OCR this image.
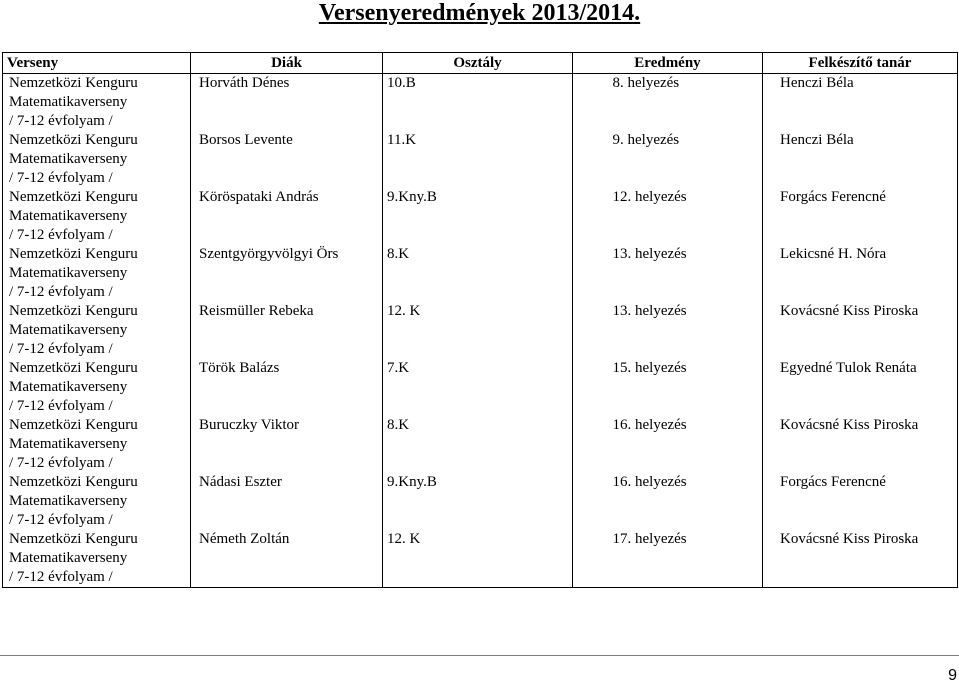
Versenyeredmények 2013/2014.
Verseny	Diák	Osztály	Eredmény	Felkészítő tanár

Nemzetközi Kenguru
Matematikaverseny
/ 7-12 évfolyam /	Horváth Dénes	10.B	8. helyezés	Henczi Béla

Nemzetközi Kenguru
Matematikaverseny
/ 7-12 évfolyam /	Borsos Levente	11.K	9. helyezés	Henczi Béla

Nemzetközi Kenguru
Matematikaverseny
/ 7-12 évfolyam /	Köröspataki András	9.Kny.B	12. helyezés	Forgács Ferencné

Nemzetközi Kenguru
Matematikaverseny
/ 7-12 évfolyam /	Szentgyörgyvölgyi Örs	8.K	13. helyezés	Lekicsné H. Nóra

Nemzetközi Kenguru
Matematikaverseny
/ 7-12 évfolyam /	Reismüller Rebeka	12. K	13. helyezés	Kovácsné Kiss Piroska

Nemzetközi Kenguru
Matematikaverseny
/ 7-12 évfolyam /	Török Balázs	7.K	15. helyezés	Egyedné Tulok Renáta

Nemzetközi Kenguru
Matematikaverseny
/ 7-12 évfolyam /	Buruczky Viktor	8.K	16. helyezés	Kovácsné Kiss Piroska

Nemzetközi Kenguru
Matematikaverseny
/ 7-12 évfolyam /	Nádasi Eszter	9.Kny.B	16. helyezés	Forgács Ferencné

Nemzetközi Kenguru
Matematikaverseny
/ 7-12 évfolyam /	Németh Zoltán	12. K	17. helyezés	Kovácsné Kiss Piroska
9
